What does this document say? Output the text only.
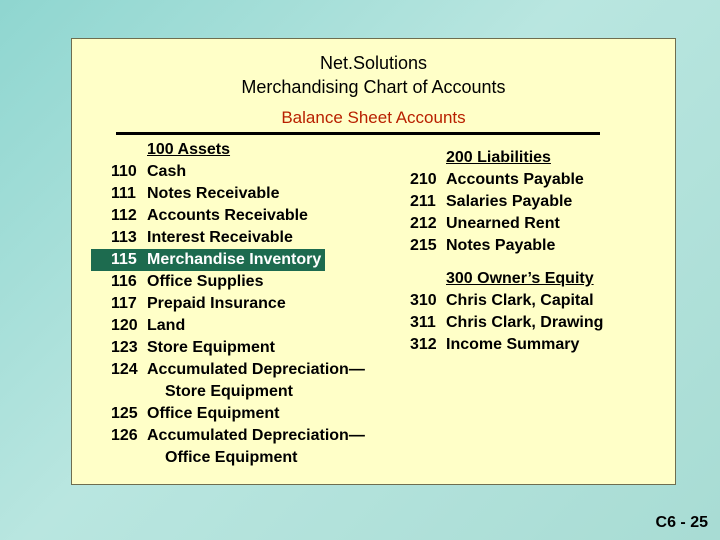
Net.Solutions
Merchandising Chart of Accounts
Balance Sheet Accounts
100 Assets
110 Cash
111 Notes Receivable
112 Accounts Receivable
113 Interest Receivable
115 Merchandise Inventory
116 Office Supplies
117 Prepaid Insurance
120 Land
123 Store Equipment
124 Accumulated Depreciation—
Store Equipment
125 Office Equipment
126 Accumulated Depreciation—
Office Equipment
200 Liabilities
210 Accounts Payable
211 Salaries Payable
212 Unearned Rent
215 Notes Payable
300 Owner’s Equity
310 Chris Clark, Capital
311 Chris Clark, Drawing
312 Income Summary
C6 - 25
